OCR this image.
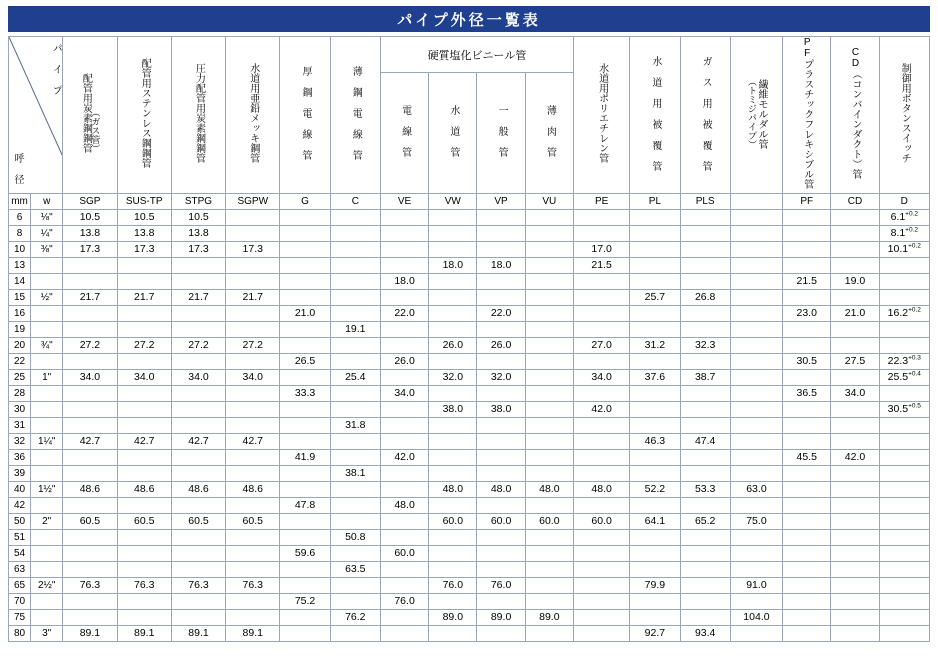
パイプ外径一覧表
パ イ プ
呼 径		配管用炭素鋼鋼管（ガス管）	配管用ステンレス鋼鋼管	圧力配管用炭素鋼鋼管	水道用亜鉛メッキ鋼管	厚 鋼 電 線 管	薄 鋼 電 線 管	硬質塩化ビニール管				水道用ポリエチレン管	水 道 用 被 覆 管	ガ ス 用 被 覆 管	（トミジパイプ）繊維モルダル管	PFプラスチックフレキシブル管	CD（コンバインダクト）管	制御用ボタンスイッチ
								電 線 管	水 道 管	一 般 管	薄 肉 管							
mm	w	SGP	SUS-TP	STPG	SGPW	G	C	VE	VW	VP	VU	PE	PL	PLS		PF	CD	D
6	⅛"	10.5	10.5	10.5														$6.1^{+0.2}$
8	¼"	13.8	13.8	13.8														$8.1^{+0.2}$
10	⅜"	17.3	17.3	17.3	17.3							17.0						$10.1^{+0.2}$
13									18.0	18.0		21.5						
14								18.0								21.5	19.0	
15	½"	21.7	21.7	21.7	21.7								25.7	26.8				
16						21.0		22.0		22.0						23.0	21.0	$16.2^{+0.2}$
19							19.1											
20	¾"	27.2	27.2	27.2	27.2				26.0	26.0		27.0	31.2	32.3				
22						26.5		26.0								30.5	27.5	$22.3^{+0.3}$
25	1"	34.0	34.0	34.0	34.0		25.4		32.0	32.0		34.0	37.6	38.7				$25.5^{+0.4}$
28						33.3		34.0								36.5	34.0	
30									38.0	38.0		42.0						$30.5^{+0.5}$
31							31.8											
32	1¼"	42.7	42.7	42.7	42.7								46.3	47.4				
36						41.9		42.0								45.5	42.0	
39							38.1											
40	1½"	48.6	48.6	48.6	48.6				48.0	48.0	48.0	48.0	52.2	53.3	63.0			
42						47.8		48.0										
50	2"	60.5	60.5	60.5	60.5				60.0	60.0	60.0	60.0	64.1	65.2	75.0			
51							50.8											
54						59.6		60.0										
63							63.5											
65	2½"	76.3	76.3	76.3	76.3				76.0	76.0			79.9		91.0			
70						75.2		76.0										
75							76.2		89.0	89.0	89.0				104.0			
80	3"	89.1	89.1	89.1	89.1								92.7	93.4				
